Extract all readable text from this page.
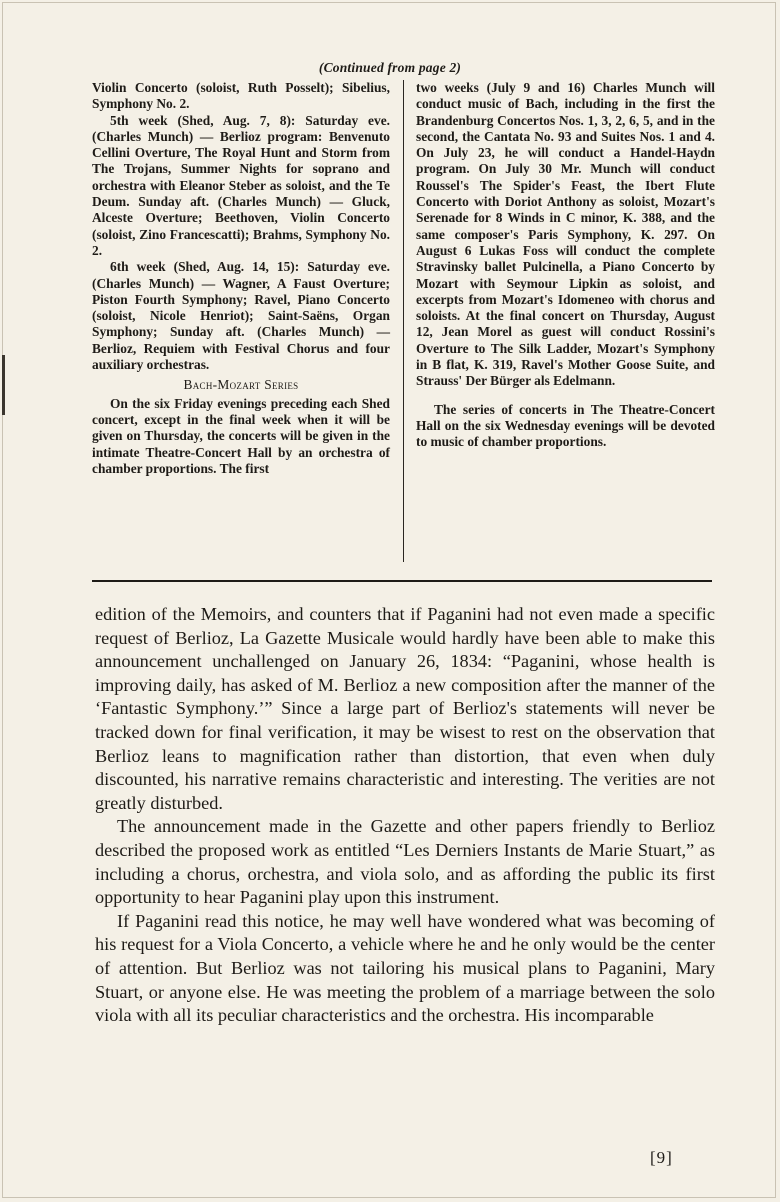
(Continued from page 2)

Violin Concerto (soloist, Ruth Posselt); Sibelius, Symphony No. 2.

5th week (Shed, Aug. 7, 8): Saturday eve. (Charles Munch) — Berlioz program: Benvenuto Cellini Overture, The Royal Hunt and Storm from The Trojans, Summer Nights for soprano and orchestra with Eleanor Steber as soloist, and the Te Deum. Sunday aft. (Charles Munch) — Gluck, Alceste Overture; Beethoven, Violin Concerto (soloist, Zino Francescatti); Brahms, Symphony No. 2.

6th week (Shed, Aug. 14, 15): Saturday eve. (Charles Munch) — Wagner, A Faust Overture; Piston Fourth Symphony; Ravel, Piano Concerto (soloist, Nicole Henriot); Saint-Saëns, Organ Symphony; Sunday aft. (Charles Munch) — Berlioz, Requiem with Festival Chorus and four auxiliary orchestras.

Bach-Mozart Series

On the six Friday evenings preceding each Shed concert, except in the final week when it will be given on Thursday, the concerts will be given in the intimate Theatre-Concert Hall by an orchestra of chamber proportions. The first

two weeks (July 9 and 16) Charles Munch will conduct music of Bach, including in the first the Brandenburg Concertos Nos. 1, 3, 2, 6, 5, and in the second, the Cantata No. 93 and Suites Nos. 1 and 4. On July 23, he will conduct a Handel-Haydn program. On July 30 Mr. Munch will conduct Roussel's The Spider's Feast, the Ibert Flute Concerto with Doriot Anthony as soloist, Mozart's Serenade for 8 Winds in C minor, K. 388, and the same composer's Paris Symphony, K. 297. On August 6 Lukas Foss will conduct the complete Stravinsky ballet Pulcinella, a Piano Concerto by Mozart with Seymour Lipkin as soloist, and excerpts from Mozart's Idomeneo with chorus and soloists. At the final concert on Thursday, August 12, Jean Morel as guest will conduct Rossini's Overture to The Silk Ladder, Mozart's Symphony in B flat, K. 319, Ravel's Mother Goose Suite, and Strauss' Der Bürger als Edelmann.

The series of concerts in The Theatre-Concert Hall on the six Wednesday evenings will be devoted to music of chamber proportions.

edition of the Memoirs, and counters that if Paganini had not even made a specific request of Berlioz, La Gazette Musicale would hardly have been able to make this announcement unchallenged on January 26, 1834: “Paganini, whose health is improving daily, has asked of M. Berlioz a new composition after the manner of the ‘Fantastic Symphony.’” Since a large part of Berlioz's statements will never be tracked down for final verification, it may be wisest to rest on the observation that Berlioz leans to magnification rather than distortion, that even when duly discounted, his narrative remains characteristic and interesting. The verities are not greatly disturbed.

The announcement made in the Gazette and other papers friendly to Berlioz described the proposed work as entitled “Les Derniers Instants de Marie Stuart,” as including a chorus, orchestra, and viola solo, and as affording the public its first opportunity to hear Paganini play upon this instrument.

If Paganini read this notice, he may well have wondered what was becoming of his request for a Viola Concerto, a vehicle where he and he only would be the center of attention. But Berlioz was not tailoring his musical plans to Paganini, Mary Stuart, or anyone else. He was meeting the problem of a marriage between the solo viola with all its peculiar characteristics and the orchestra. His incomparable

[9]
